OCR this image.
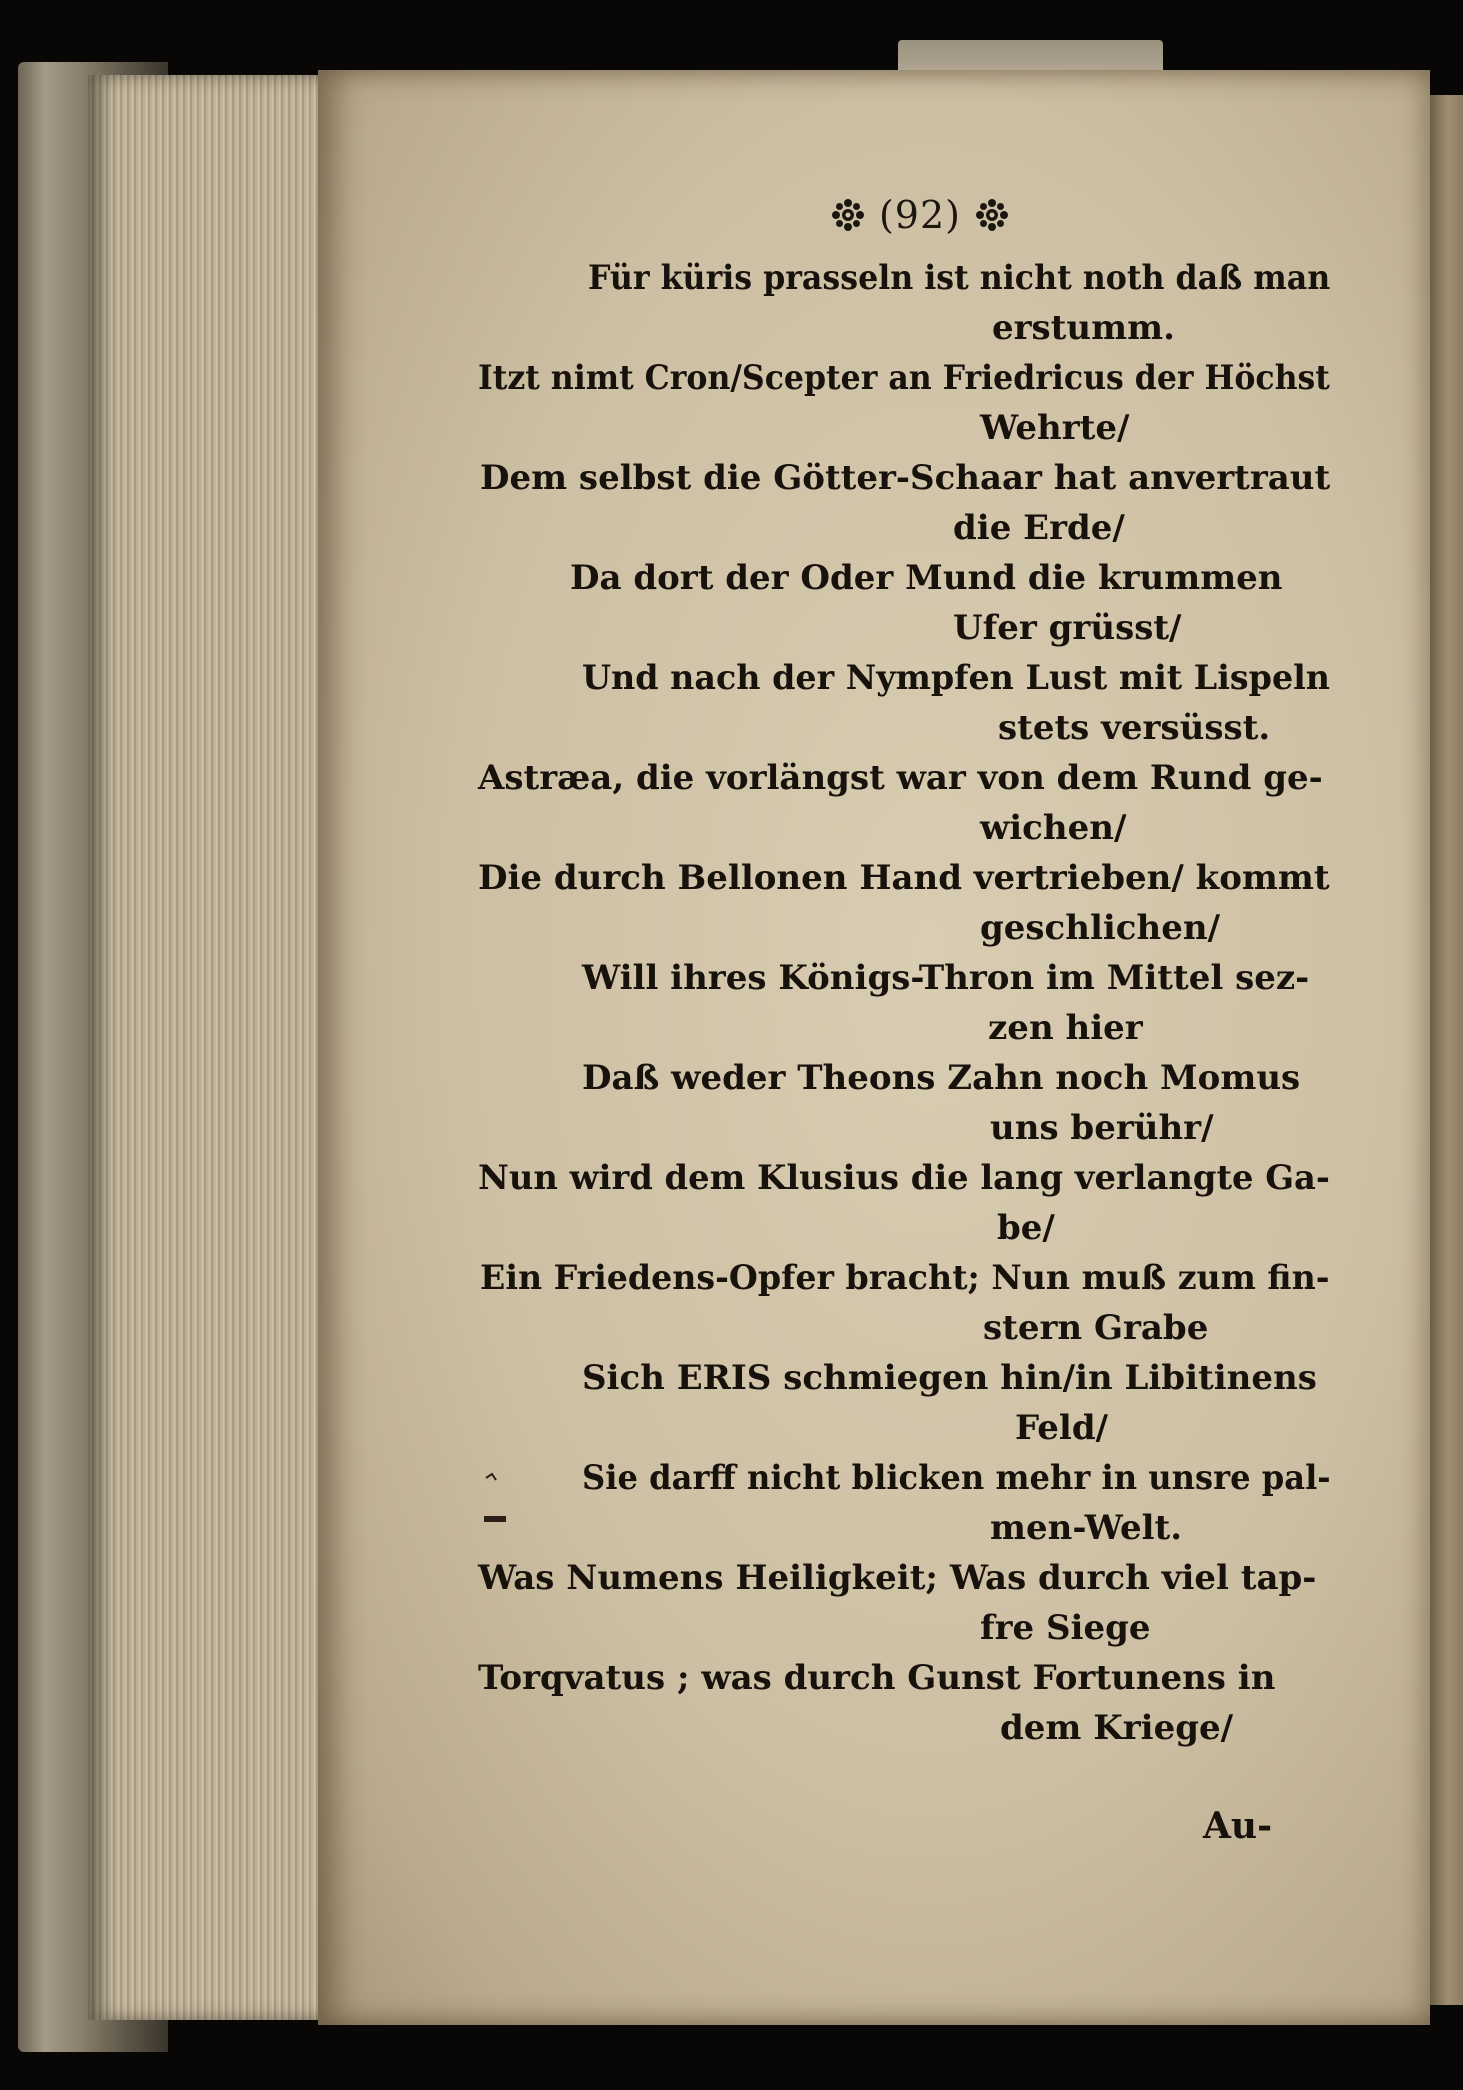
(92)
Für küris prasseln ist nicht noth daß man
erstumm.
Itzt nimt Cron/Scepter an Friedricus der Höchst
Wehrte/
Dem selbst die Götter-Schaar hat anvertraut
die Erde/
Da dort der Oder Mund die krummen
Ufer grüsst/
Und nach der Nympfen Lust mit Lispeln
stets versüsst.
Astræa, die vorlängst war von dem Rund ge-
wichen/
Die durch Bellonen Hand vertrieben/ kommt
geschlichen/
Will ihres Königs-Thron im Mittel sez-
zen hier
Daß weder Theons Zahn noch Momus
uns berühr/
Nun wird dem Klusius die lang verlangte Ga-
be/
Ein Friedens-Opfer bracht; Nun muß zum fin-
stern Grabe
Sich ERIS schmiegen hin/in Libitinens
Feld/
Sie darff nicht blicken mehr in unsre pal-
men-Welt.
Was Numens Heiligkeit; Was durch viel tap-
fre Siege
Torqvatus ; was durch Gunst Fortunens in
dem Kriege/
Au-
